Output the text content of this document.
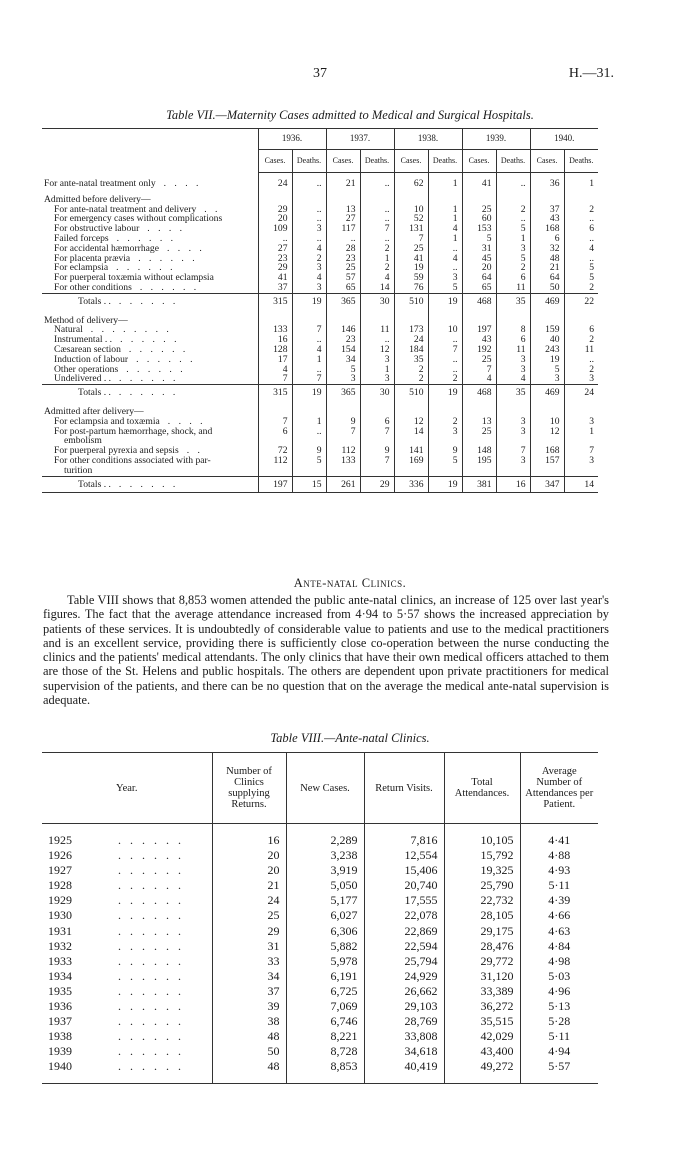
37	H.—31.
Table VII.—Maternity Cases admitted to Medical and Surgical Hospitals.
	1936.		1937.		1938.		1939.		1940.	
	Cases.	Deaths.	Cases.	Deaths.	Cases.	Deaths.	Cases.	Deaths.	Cases.	Deaths.

For ante-natal treatment only . . . .	24	..	21	..	62	1	41	..	36	1

Admitted before delivery—										
For ante-natal treatment and delivery . .	29	..	13	..	10	1	25	2	37	2
For emergency cases without complications	20	..	27	..	52	1	60	..	43	..
For obstructive labour . . . .	109	3	117	7	131	4	153	5	168	6
Failed forceps . . . . . .	..	..	..	..	7	1	5	1	6	..
For accidental hæmorrhage . . . .	27	4	28	2	25	..	31	3	32	4
For placenta prævia . . . . . .	23	2	23	1	41	4	45	5	48	..
For eclampsia . . . . . .	29	3	25	2	19	..	20	2	21	5
For puerperal toxæmia without eclampsia	41	4	57	4	59	3	64	6	64	5
For other conditions . . . . . .	37	3	65	14	76	5	65	11	50	2
Totals . . . . . . . .	315	19	365	30	510	19	468	35	469	22

Method of delivery—										
Natural . . . . . . . .	133	7	146	11	173	10	197	8	159	6
Instrumental . . . . . . . .	16	..	23	..	24	..	43	6	40	2
Cæsarean section . . . . . .	128	4	154	12	184	7	192	11	243	11
Induction of labour . . . . . .	17	1	34	3	35	..	25	3	19	..
Other operations . . . . . .	4	..	5	1	2	..	7	3	5	2
Undelivered . . . . . . . .	7	7	3	3	2	2	4	4	3	3
Totals . . . . . . . .	315	19	365	30	510	19	468	35	469	24

Admitted after delivery—										
For eclampsia and toxæmia . . . .	7	1	9	6	12	2	13	3	10	3
For post-partum hæmorrhage, shock, and	6	..	7	7	14	3	25	3	12	1
embolism										
For puerperal pyrexia and sepsis . .	72	9	112	9	141	9	148	7	168	7
For other conditions associated with par-	112	5	133	7	169	5	195	3	157	3
turition										
Totals . . . . . . . .	197	15	261	29	336	19	381	16	347	14
Ante-natal Clinics.
Table VIII shows that 8,853 women attended the public ante-natal clinics, an increase of 125 over last year's figures. The fact that the average attendance increased from 4·94 to 5·57 shows the increased appreciation by patients of these services. It is undoubtedly of considerable value to patients and use to the medical practitioners and is an excellent service, providing there is sufficiently close co-operation between the nurse conducting the clinics and the patients' medical attendants. The only clinics that have their own medical officers attached to them are those of the St. Helens and public hospitals. The others are dependent upon private practitioners for medical supervision of the patients, and there can be no question that on the average the medical ante-natal supervision is adequate.
Table VIII.—Ante-natal Clinics.
Year.	Number of Clinics supplying Returns.	New Cases.	Return Visits.	Total Attendances.	Average Number of Attendances per Patient.
1925 . . . . . .	16	2,289	7,816	10,105	4·41
1926 . . . . . .	20	3,238	12,554	15,792	4·88
1927 . . . . . .	20	3,919	15,406	19,325	4·93
1928 . . . . . .	21	5,050	20,740	25,790	5·11
1929 . . . . . .	24	5,177	17,555	22,732	4·39
1930 . . . . . .	25	6,027	22,078	28,105	4·66
1931 . . . . . .	29	6,306	22,869	29,175	4·63
1932 . . . . . .	31	5,882	22,594	28,476	4·84
1933 . . . . . .	33	5,978	25,794	29,772	4·98
1934 . . . . . .	34	6,191	24,929	31,120	5·03
1935 . . . . . .	37	6,725	26,662	33,389	4·96
1936 . . . . . .	39	7,069	29,103	36,272	5·13
1937 . . . . . .	38	6,746	28,769	35,515	5·28
1938 . . . . . .	48	8,221	33,808	42,029	5·11
1939 . . . . . .	50	8,728	34,618	43,400	4·94
1940 . . . . . .	48	8,853	40,419	49,272	5·57
